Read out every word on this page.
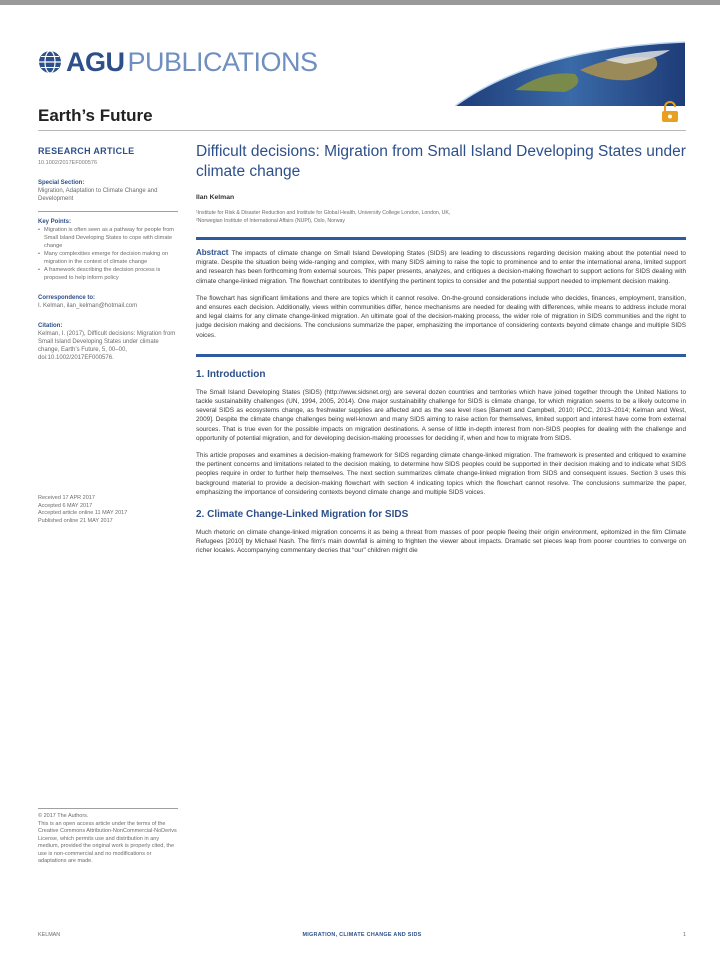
AGU PUBLICATIONS
Earth’s Future
RESEARCH ARTICLE
10.1002/2017EF000576
Special Section:
Migration, Adaptation to Climate Change and Development
Key Points:
• Migration is often seen as a pathway for people from Small Island Developing States to cope with climate change
• Many complexities emerge for decision making on migration in the context of climate change
• A framework describing the decision process is proposed to help inform policy
Correspondence to:
I. Kelman, ilan_kelman@hotmail.com
Citation:
Kelman, I. (2017), Difficult decisions: Migration from Small Island Developing States under climate change, Earth’s Future, 5, 00–00, doi:10.1002/2017EF000576.
Received 17 APR 2017
Accepted 6 MAY 2017
Accepted article online 11 MAY 2017
Published online 21 MAY 2017
© 2017 The Authors.
This is an open access article under the terms of the Creative Commons Attribution-NonCommercial-NoDerivs License, which permits use and distribution in any medium, provided the original work is properly cited, the use is non-commercial and no modifications or adaptations are made.
Difficult decisions: Migration from Small Island Developing States under climate change
Ilan Kelman
¹Institute for Risk & Disaster Reduction and Institute for Global Health, University College London, London, UK,
²Norwegian Institute of International Affairs (NUPI), Oslo, Norway

Abstract The impacts of climate change on Small Island Developing States (SIDS) are leading to discussions regarding decision making about the potential need to migrate. Despite the situation being wide-ranging and complex, with many SIDS aiming to raise the topic to prominence and to enter the international arena, limited support and research has been forthcoming from external sources. This paper presents, analyzes, and critiques a decision-making flowchart to support actions for SIDS dealing with climate change-linked migration. The flowchart contributes to identifying the pertinent topics to consider and the potential support needed to implement decision making.

The flowchart has significant limitations and there are topics which it cannot resolve. On-the-ground considerations include who decides, finances, employment, transition, and ensures each decision. Additionally, views within communities differ, hence mechanisms are needed for dealing with differences, while means to address include moral and legal claims for any climate change-linked migration. An ultimate goal of the decision-making process, the wider role of migration in SIDS communities and the right to judge decision making and decisions. The conclusions summarize the paper, emphasizing the importance of considering contexts beyond climate change and multiple SIDS voices.

1. Introduction

The Small Island Developing States (SIDS) (http://www.sidsnet.org) are several dozen countries and territories which have joined together through the United Nations to tackle sustainability challenges (UN, 1994, 2005, 2014). One major sustainability challenge for SIDS is climate change, for which migration seems to be a likely outcome in several SIDS as ecosystems change, as freshwater supplies are affected and as the sea level rises [Barnett and Campbell, 2010; IPCC, 2013–2014; Kelman and West, 2009]. Despite the climate change challenges being well-known and many SIDS aiming to raise action for themselves, limited support and interest have come from external sources. That is true even for the possible impacts on migration destinations. A sense of little in-depth interest from non-SIDS peoples for dealing with the challenge and opportunity of potential migration, and for developing decision-making processes for deciding if, when and how to migrate from SIDS.

This article proposes and examines a decision-making framework for SIDS regarding climate change-linked migration. The framework is presented and critiqued to examine the pertinent concerns and limitations related to the decision making, to determine how SIDS peoples could be supported in their decision making and to indicate what SIDS peoples require in order to further help themselves. The next section summarizes climate change-linked migration from SIDS and consequent issues. Section 3 uses this background material to provide a decision-making flowchart with section 4 indicating topics which the flowchart cannot resolve. The conclusions summarize the paper, emphasizing the importance of considering contexts beyond climate change and multiple SIDS voices.

2. Climate Change-Linked Migration for SIDS

Much rhetoric on climate change-linked migration concerns it as being a threat from masses of poor people fleeing their origin environment, epitomized in the film Climate Refugees [2010] by Michael Nash. The film’s main downfall is aiming to frighten the viewer about impacts. Dramatic set pieces leap from poorer countries to converge on richer locales. Accompanying commentary decries that “our” children might die

KELMAN	MIGRATION, CLIMATE CHANGE AND SIDS	1
